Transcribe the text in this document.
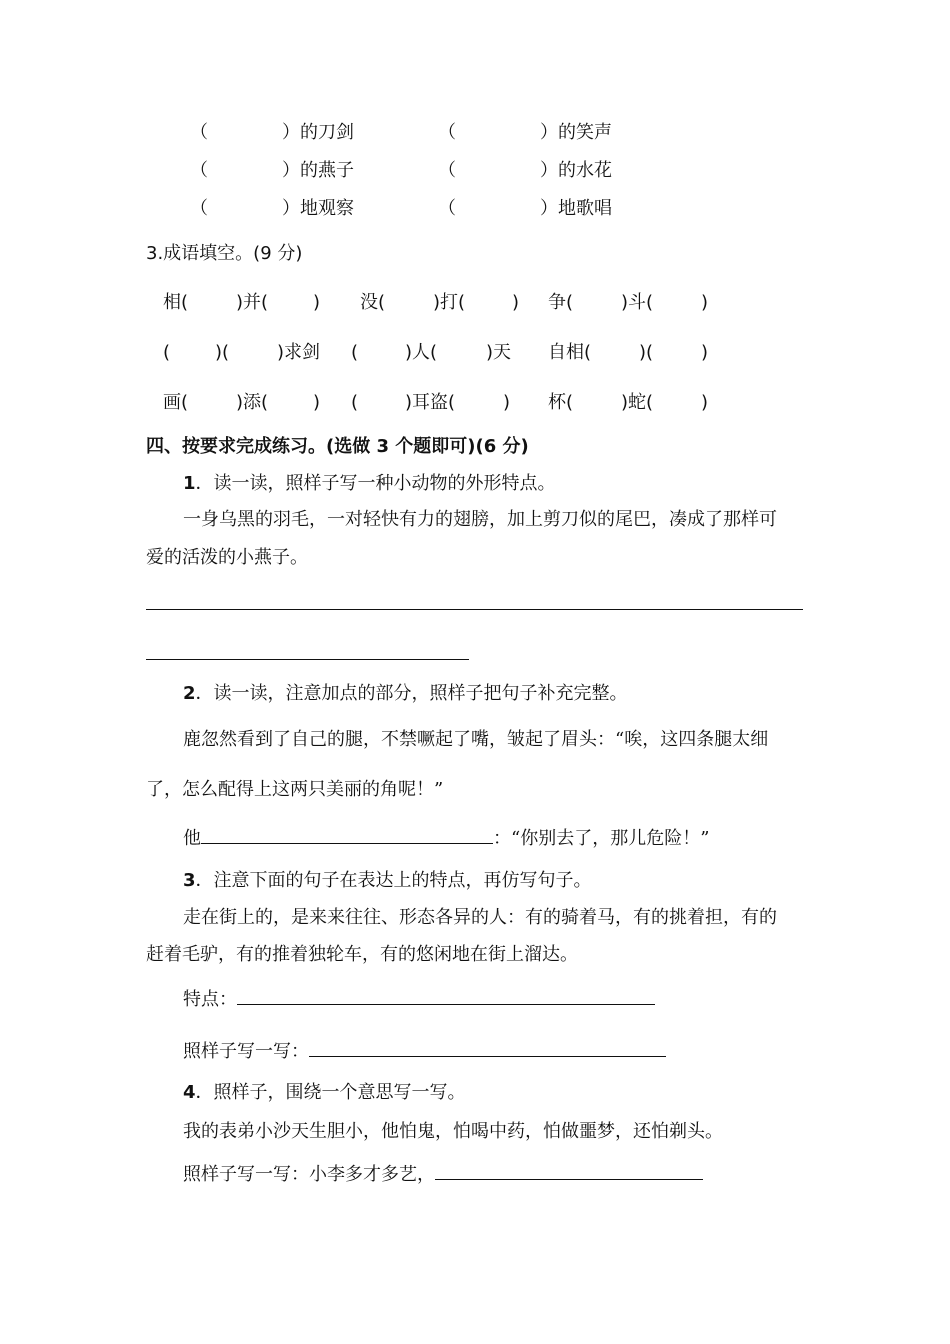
（	）的刀剑	（	）的笑声
（	）的燕子	（	）的水花
（	）地观察	（	）地歌唱
3.成语填空。(9 分)
相(	)并( ) 没(	)打(	) 争(	)斗(	)
( )(	)求剑 (	)人(	)天 自相(	)(	)
画(	)添( ) (	)耳盗(	) 杯(	)蛇(	)
四、按要求完成练习。(选做 3 个题即可)(6 分)
1．读一读，照样子写一种小动物的外形特点。
一身乌黑的羽毛，一对轻快有力的翅膀，加上剪刀似的尾巴，凑成了那样可
爱的活泼的小燕子。
2．读一读，注意加点的部分，照样子把句子补充完整。
鹿忽然看到了自己的腿，不禁噘起了嘴，皱起了眉头：“唉，这四条腿太细
了，怎么配得上这两只美丽的角呢！”
他	：“你别去了，那儿危险！”
3．注意下面的句子在表达上的特点，再仿写句子。
走在街上的，是来来往往、形态各异的人：有的骑着马，有的挑着担，有的
赶着毛驴，有的推着独轮车，有的悠闲地在街上溜达。
特点：
照样子写一写：
4．照样子，围绕一个意思写一写。
我的表弟小沙天生胆小，他怕鬼，怕喝中药，怕做噩梦，还怕剃头。
照样子写一写：小李多才多艺，
